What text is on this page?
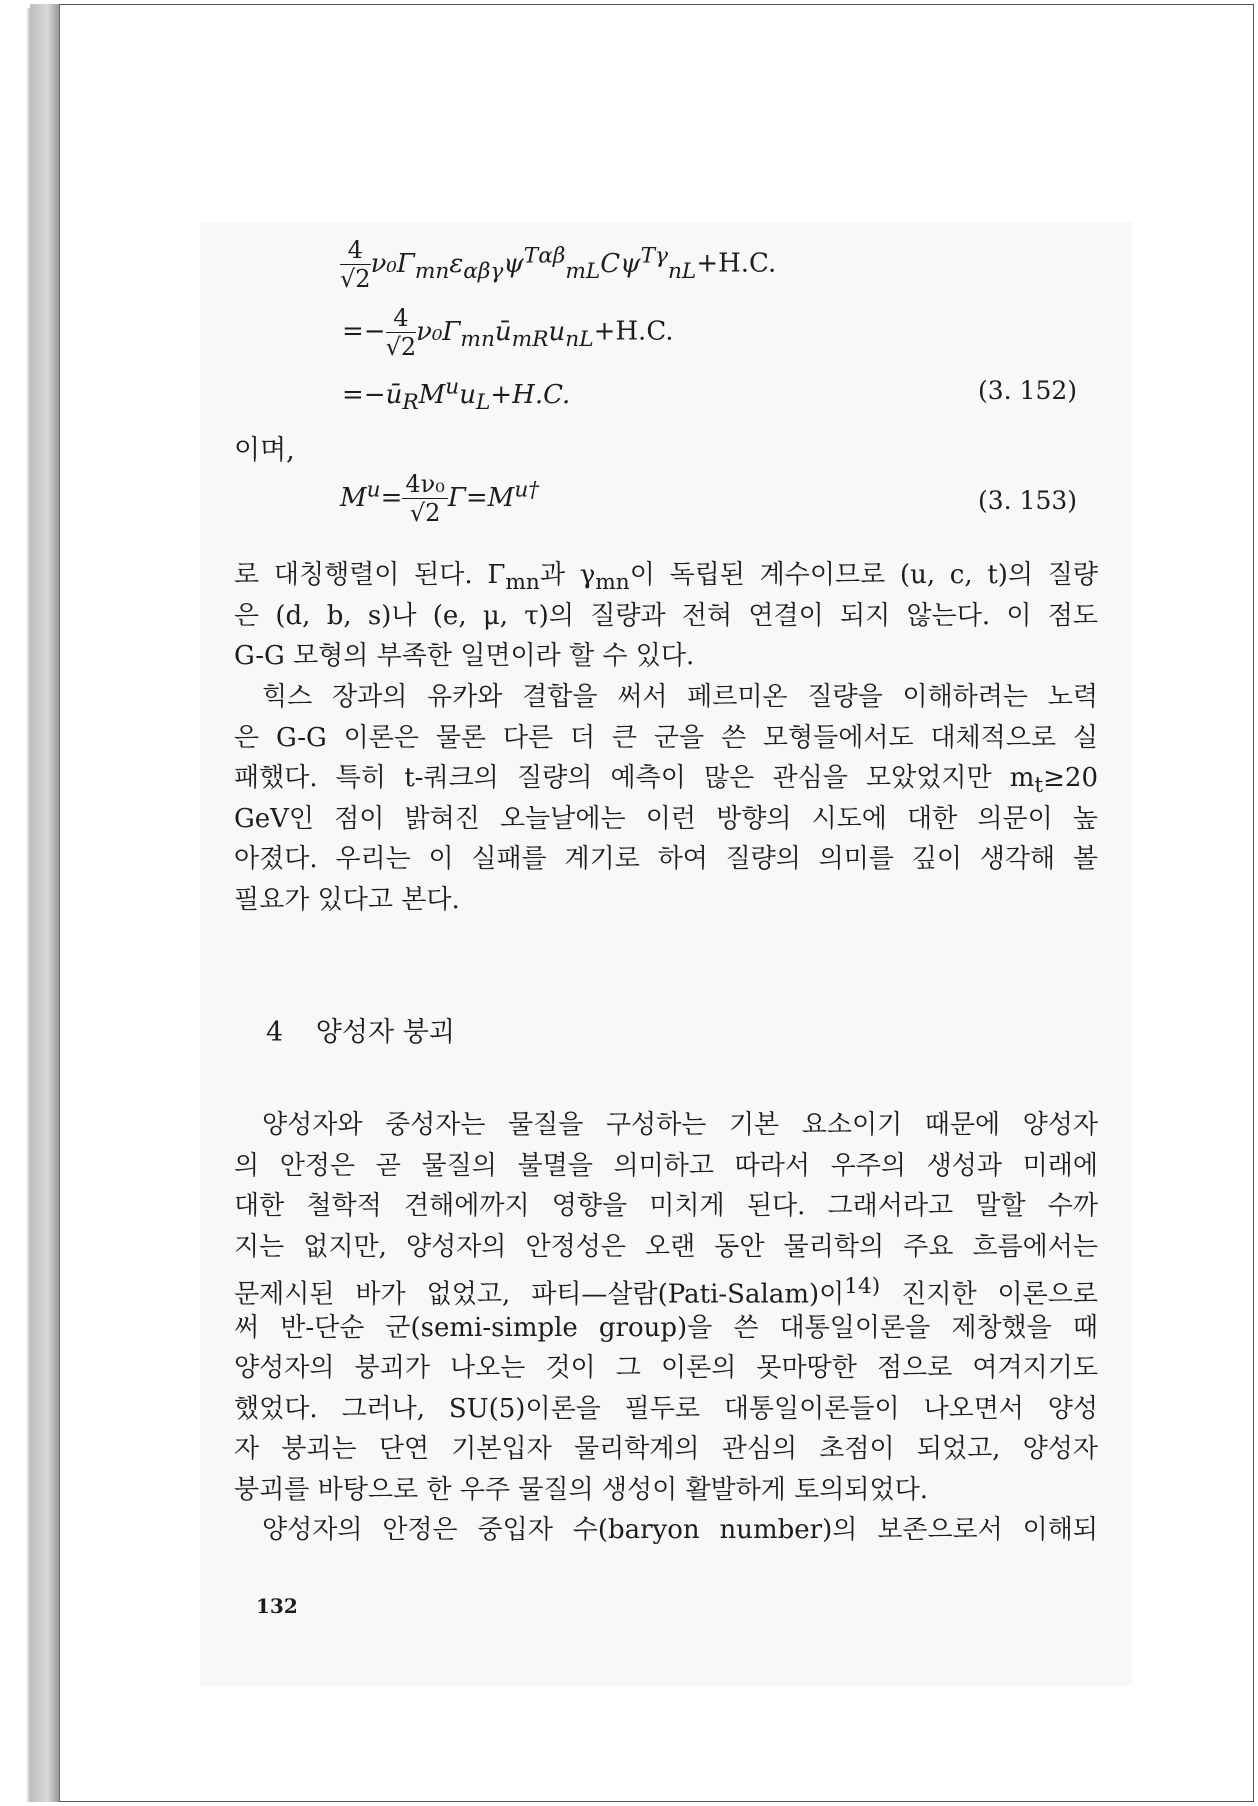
$\frac{4}{√2} \nu_0\Gamma_{mn}\varepsilon_{\alpha\beta\gamma}\psi^{T\alpha\beta}_{mL}C\psi^{T\gamma}_{nL}+H.C$.
=− $\frac{4}{√2}$ $\nu_0\Gamma_{mn}ū_{mR}u_{nL}+H.C$.
$=-ū_RM^uu_L+H.C$.	(3. 152)
이며,
$M^u= \frac{\text{4ν₀}}{√2} \Gamma=M^{u\dagger}$	(3. 153)
로 대칭행렬이 된다. $\Gamma_{mn}$과 $\gamma_{mn}$이 독립된 계수이므로 (u, c, t)의 질량
은 (d, b, s)나 (e, μ, τ)의 질량과 전혀 연결이 되지 않는다. 이 점도
G-G 모형의 부족한 일면이라 할 수 있다.
힉스 장과의 유카와 결합을 써서 페르미온 질량을 이해하려는 노력
은 G-G 이론은 물론 다른 더 큰 군을 쓴 모형들에서도 대체적으로 실
패했다. 특히 t-쿼크의 질량의 예측이 많은 관심을 모았었지만 $m_t\ge 20$
GeV인 점이 밝혀진 오늘날에는 이런 방향의 시도에 대한 의문이 높
아졌다. 우리는 이 실패를 계기로 하여 질량의 의미를 깊이 생각해 볼
필요가 있다고 본다.
4 양성자 붕괴
양성자와 중성자는 물질을 구성하는 기본 요소이기 때문에 양성자
의 안정은 곧 물질의 불멸을 의미하고 따라서 우주의 생성과 미래에
대한 철학적 견해에까지 영향을 미치게 된다. 그래서라고 말할 수까
지는 없지만, 양성자의 안정성은 오랜 동안 물리학의 주요 흐름에서는
문제시된 바가 없었고, 파티—살람(Pati-Salam)이$^{14)}$ 진지한 이론으로
써 반-단순 군(semi-simple group)을 쓴 대통일이론을 제창했을 때
양성자의 붕괴가 나오는 것이 그 이론의 못마땅한 점으로 여겨지기도
했었다. 그러나, SU(5)이론을 필두로 대통일이론들이 나오면서 양성
자 붕괴는 단연 기본입자 물리학계의 관심의 초점이 되었고, 양성자
붕괴를 바탕으로 한 우주 물질의 생성이 활발하게 토의되었다.
양성자의 안정은 중입자 수(baryon number)의 보존으로서 이해되
132
